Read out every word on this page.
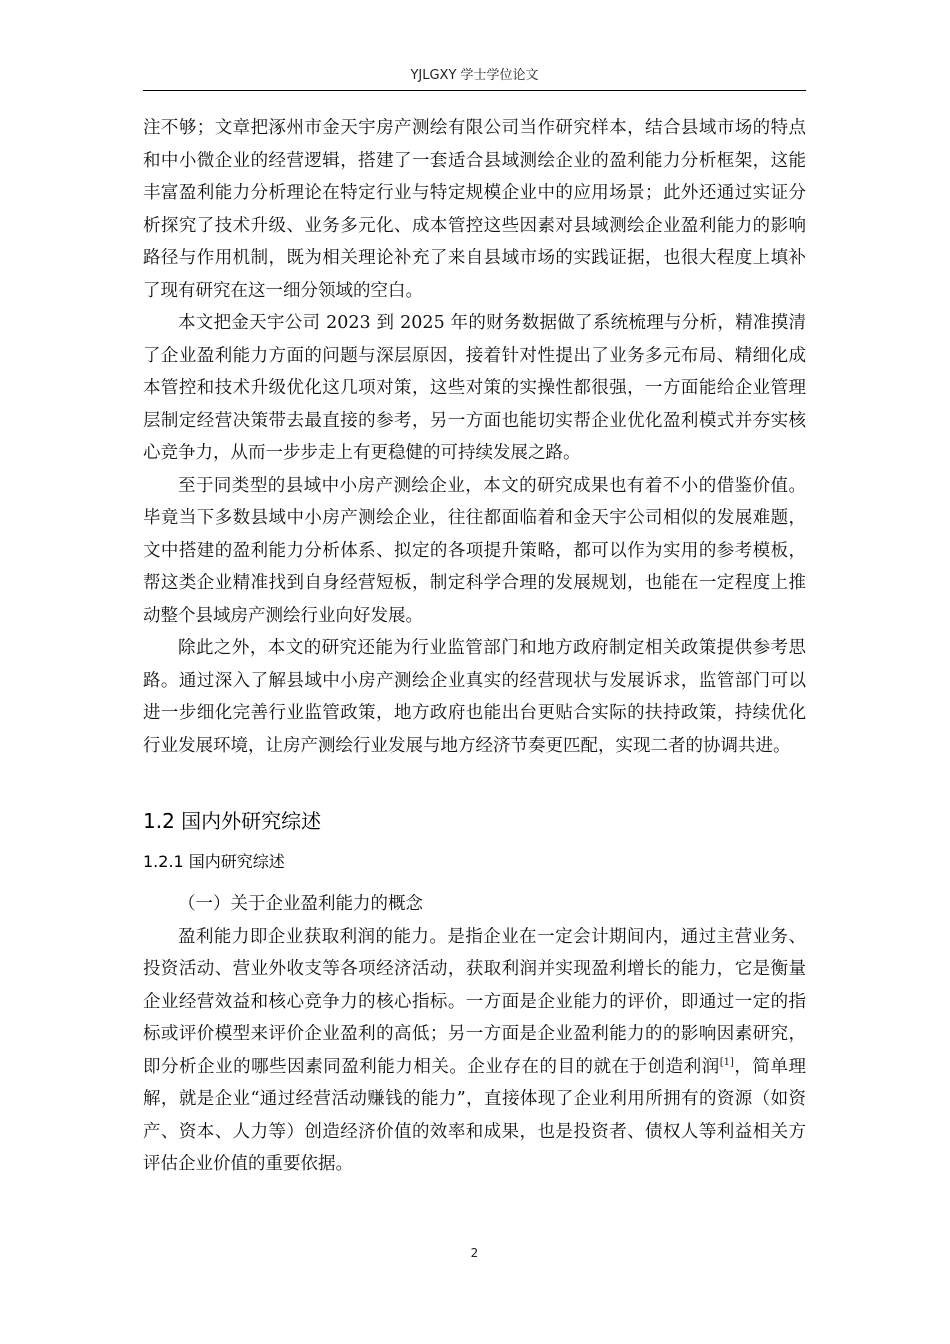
YJLGXY 学士学位论文

注不够；文章把涿州市金天宇房产测绘有限公司当作研究样本，结合县域市场的特点和中小微企业的经营逻辑，搭建了一套适合县域测绘企业的盈利能力分析框架，这能丰富盈利能力分析理论在特定行业与特定规模企业中的应用场景；此外还通过实证分析探究了技术升级、业务多元化、成本管控这些因素对县域测绘企业盈利能力的影响路径与作用机制，既为相关理论补充了来自县域市场的实践证据，也很大程度上填补了现有研究在这一细分领域的空白。

本文把金天宇公司 2023 到 2025 年的财务数据做了系统梳理与分析，精准摸清了企业盈利能力方面的问题与深层原因，接着针对性提出了业务多元布局、精细化成本管控和技术升级优化这几项对策，这些对策的实操性都很强，一方面能给企业管理层制定经营决策带去最直接的参考，另一方面也能切实帮企业优化盈利模式并夯实核心竞争力，从而一步步走上有更稳健的可持续发展之路。

至于同类型的县域中小房产测绘企业，本文的研究成果也有着不小的借鉴价值。毕竟当下多数县域中小房产测绘企业，往往都面临着和金天宇公司相似的发展难题，文中搭建的盈利能力分析体系、拟定的各项提升策略，都可以作为实用的参考模板，帮这类企业精准找到自身经营短板，制定科学合理的发展规划，也能在一定程度上推动整个县域房产测绘行业向好发展。

除此之外，本文的研究还能为行业监管部门和地方政府制定相关政策提供参考思路。通过深入了解县域中小房产测绘企业真实的经营现状与发展诉求，监管部门可以进一步细化完善行业监管政策，地方政府也能出台更贴合实际的扶持政策，持续优化行业发展环境，让房产测绘行业发展与地方经济节奏更匹配，实现二者的协调共进。

1.2 国内外研究综述
1.2.1 国内研究综述

（一）关于企业盈利能力的概念

盈利能力即企业获取利润的能力。是指企业在一定会计期间内，通过主营业务、投资活动、营业外收支等各项经济活动，获取利润并实现盈利增长的能力，它是衡量企业经营效益和核心竞争力的核心指标。一方面是企业能力的评价，即通过一定的指标或评价模型来评价企业盈利的高低；另一方面是企业盈利能力的的影响因素研究，即分析企业的哪些因素同盈利能力相关。企业存在的目的就在于创造利润[1]，简单理解，就是企业“通过经营活动赚钱的能力”，直接体现了企业利用所拥有的资源（如资产、资本、人力等）创造经济价值的效率和成果，也是投资者、债权人等利益相关方评估企业价值的重要依据。

2
